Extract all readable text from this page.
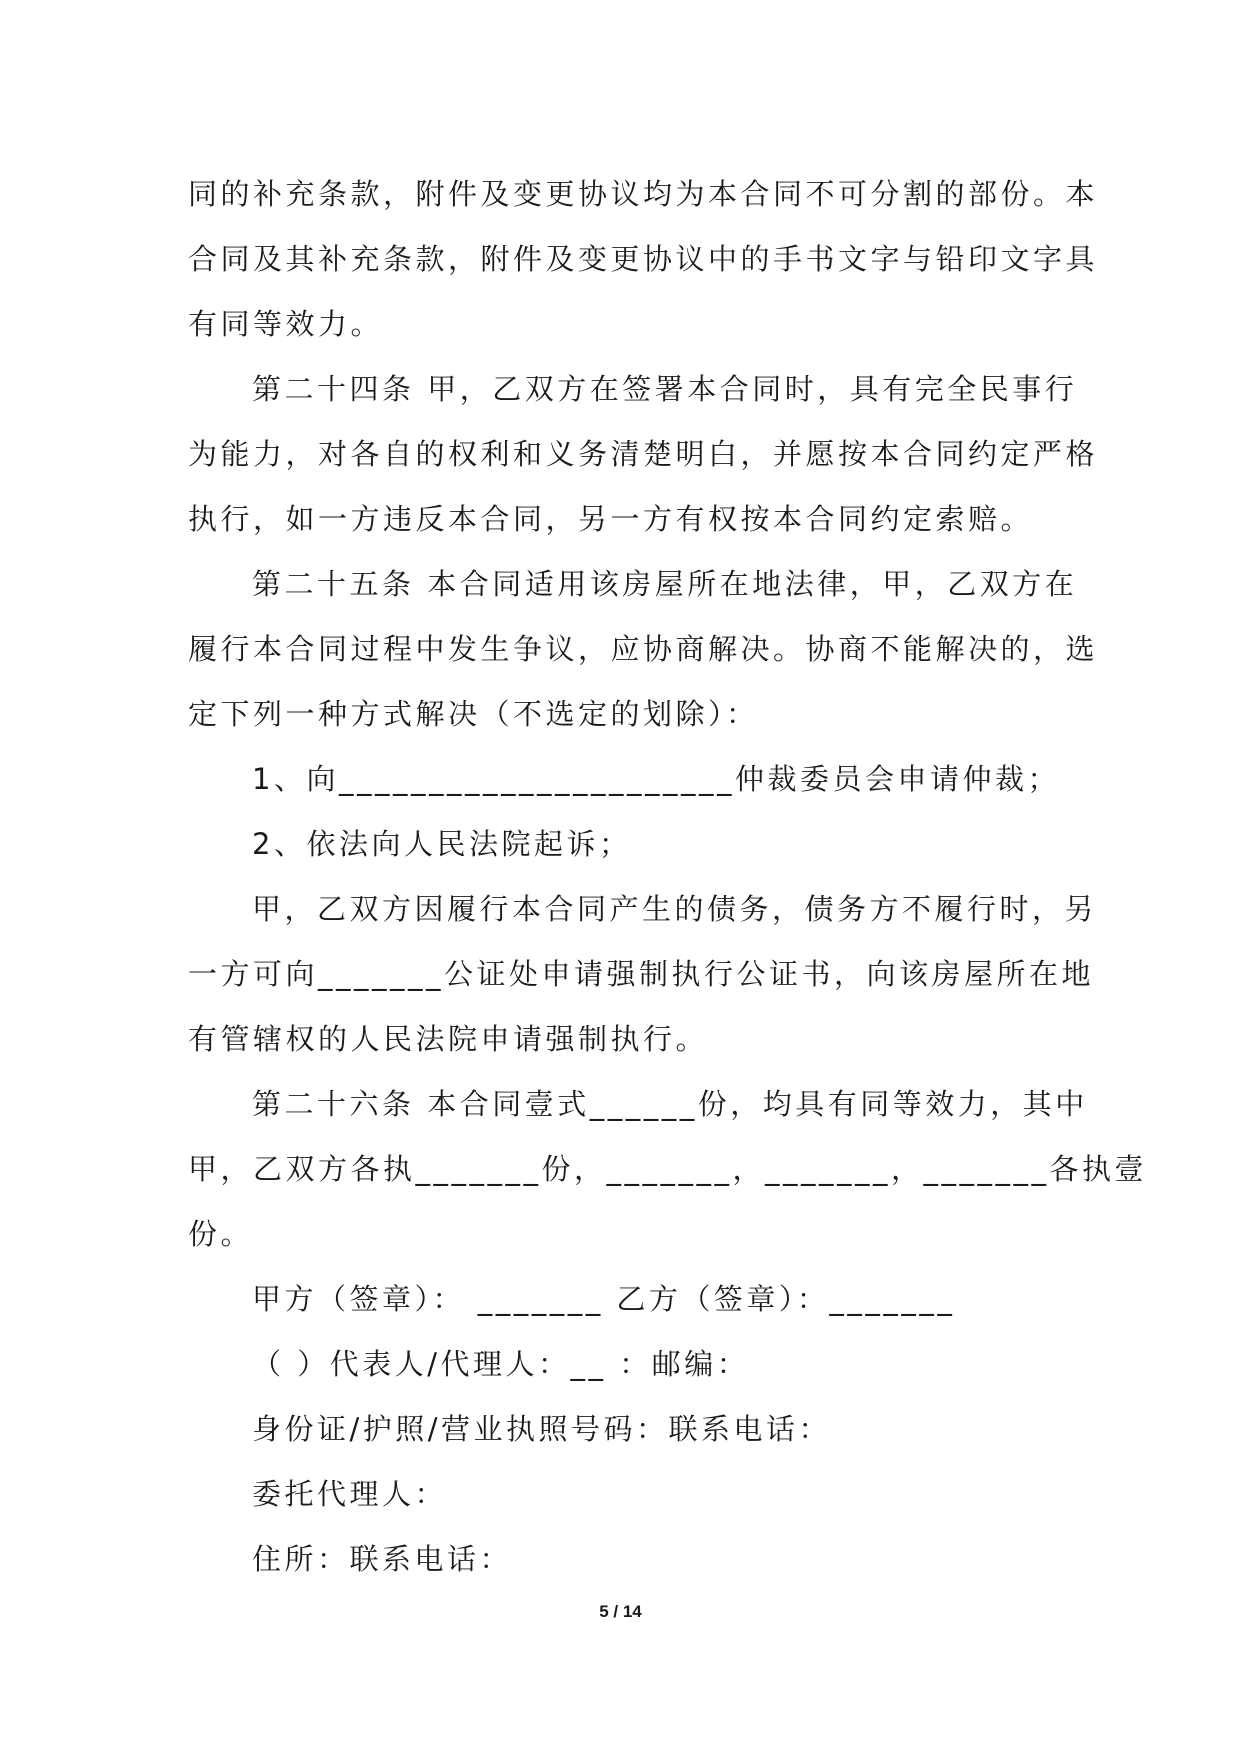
同的补充条款，附件及变更协议均为本合同不可分割的部份。本
合同及其补充条款，附件及变更协议中的手书文字与铅印文字具
有同等效力。
第二十四条 甲，乙双方在签署本合同时，具有完全民事行
为能力，对各自的权利和义务清楚明白，并愿按本合同约定严格
执行，如一方违反本合同，另一方有权按本合同约定索赔。
第二十五条 本合同适用该房屋所在地法律，甲，乙双方在
履行本合同过程中发生争议，应协商解决。协商不能解决的，选
定下列一种方式解决（不选定的划除）：
1、向______________________仲裁委员会申请仲裁；
2、依法向人民法院起诉；
甲，乙双方因履行本合同产生的债务，债务方不履行时，另
一方可向_______公证处申请强制执行公证书，向该房屋所在地
有管辖权的人民法院申请强制执行。
第二十六条 本合同壹式______份，均具有同等效力，其中
甲，乙双方各执_______份，_______，_______，_______各执壹
份。
甲方（签章）： _______ 乙方（签章）：_______
（ ）代表人/代理人：__ ：邮编：
身份证/护照/营业执照号码：联系电话：
委托代理人：
住所：联系电话：
5 / 14
